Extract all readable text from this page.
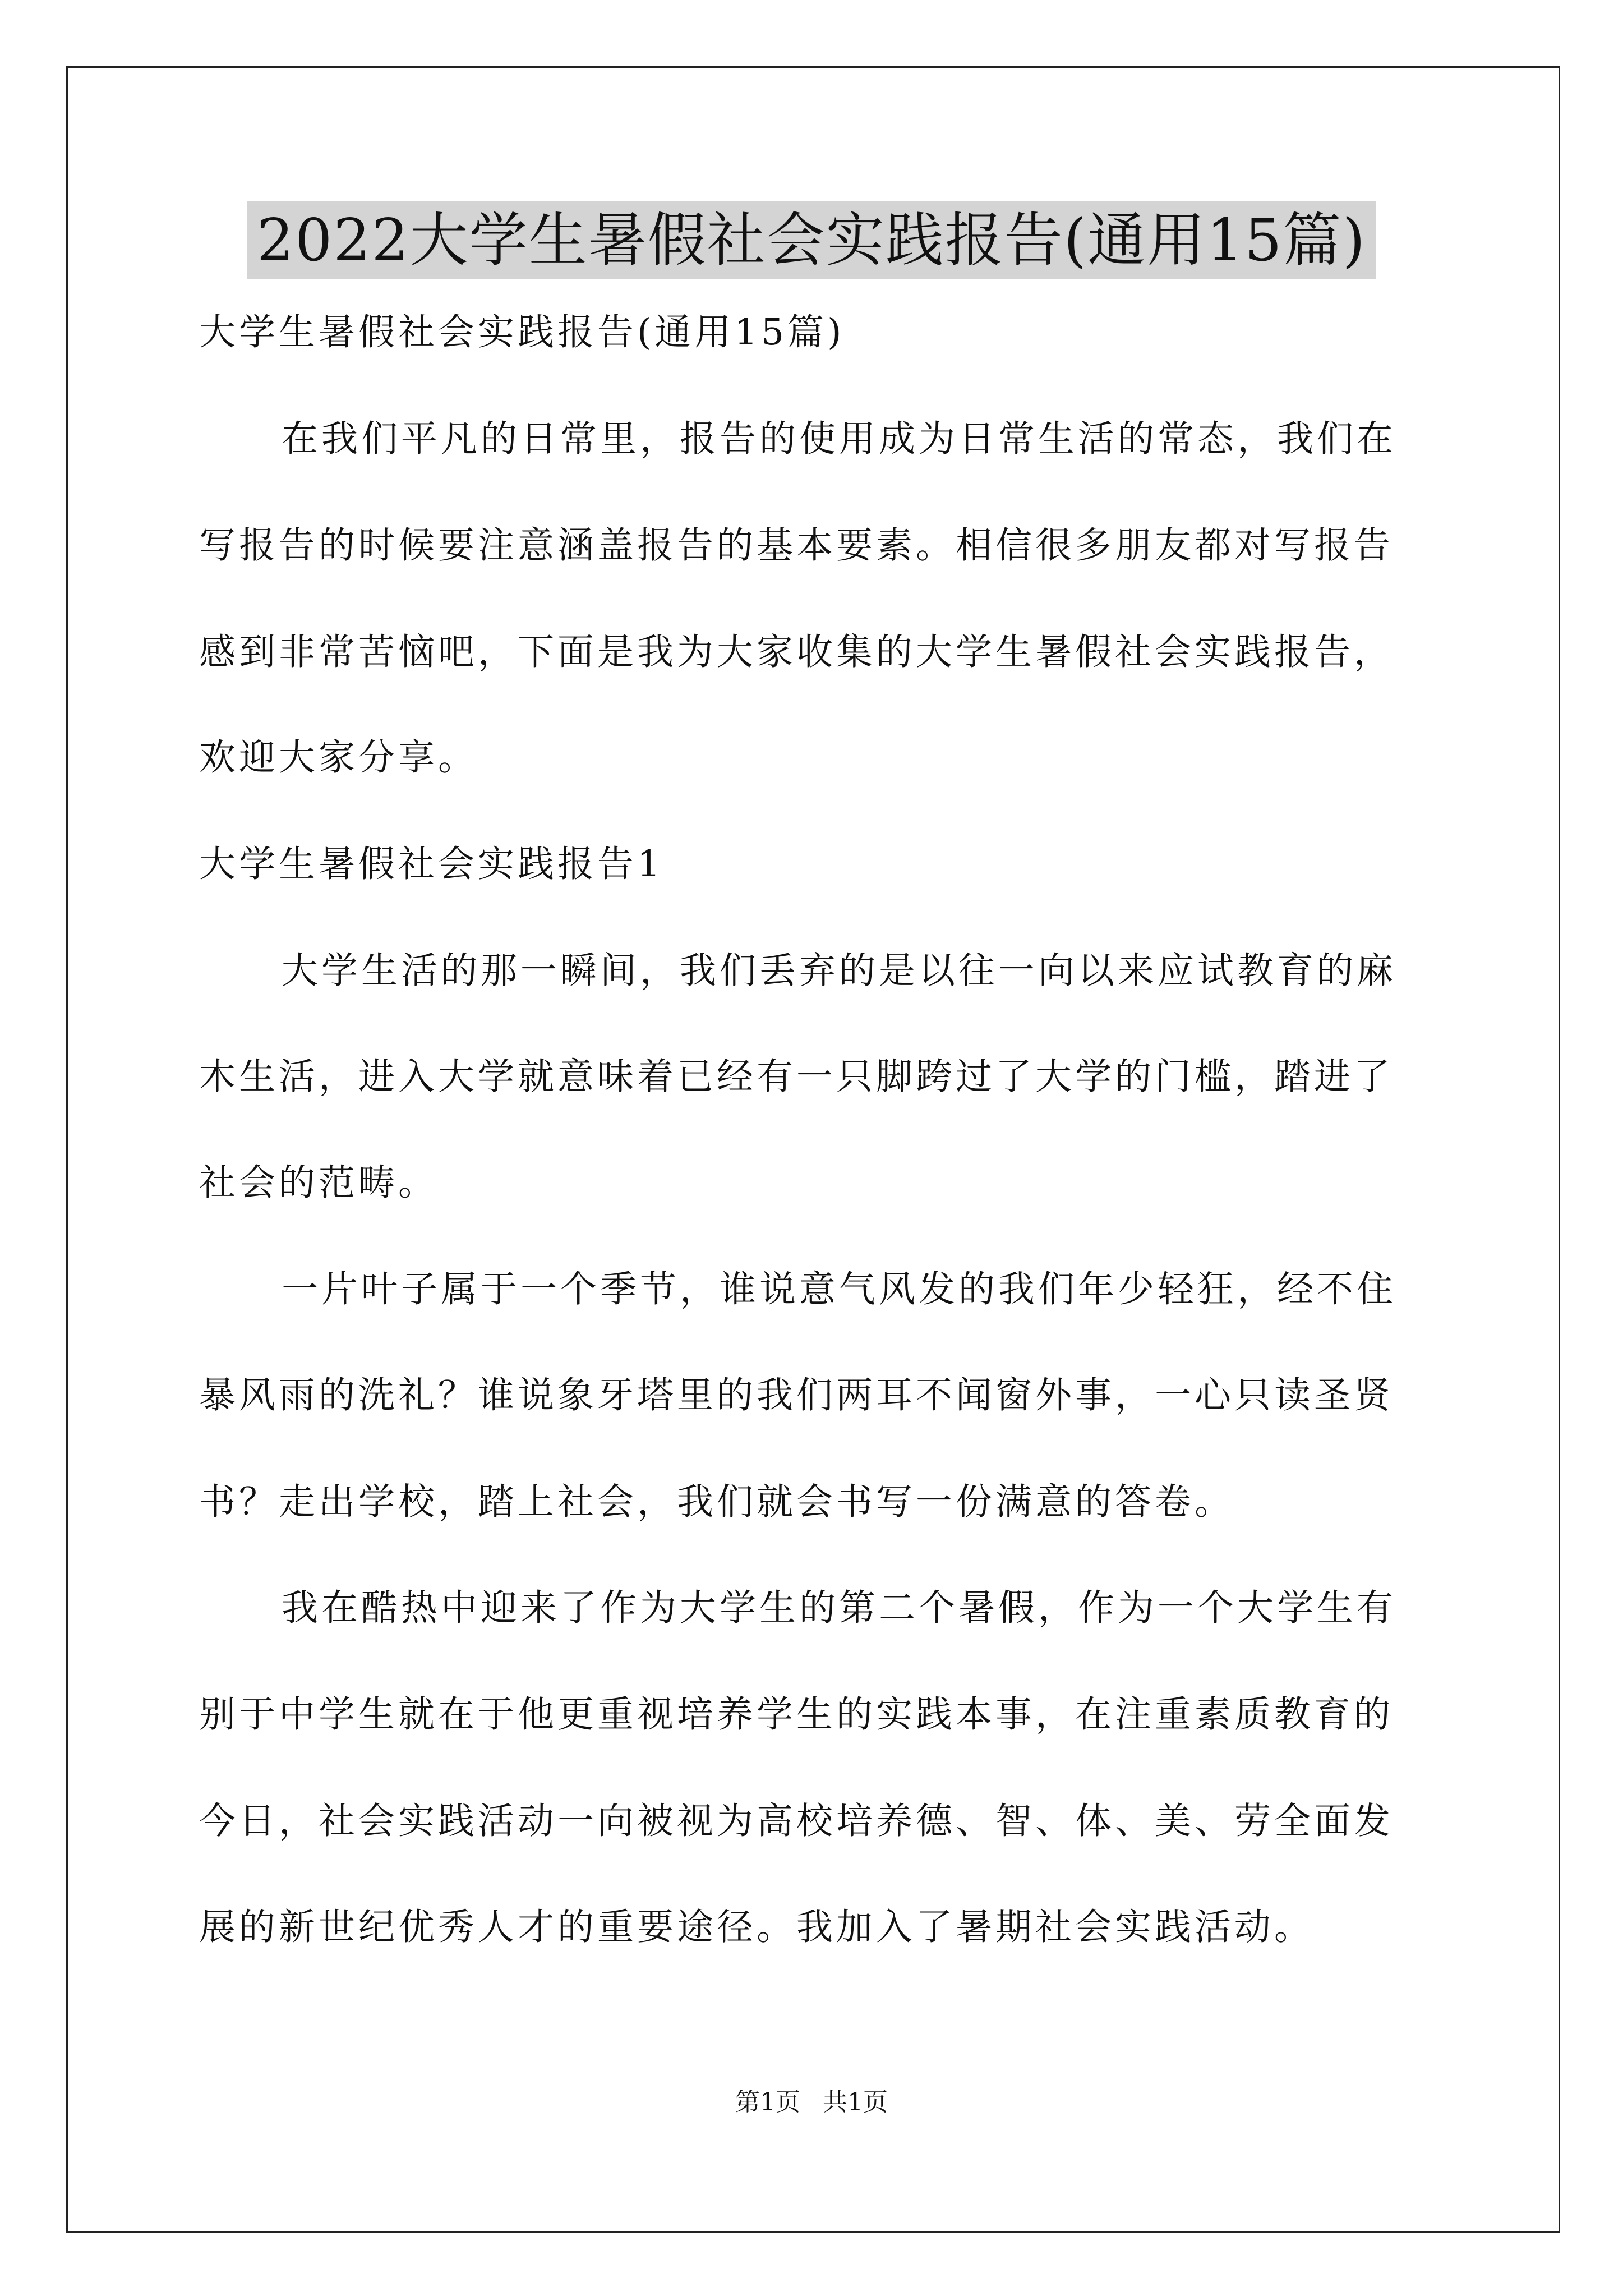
2022大学生暑假社会实践报告(通用15篇)

大学生暑假社会实践报告(通用15篇)

在我们平凡的日常里，报告的使用成为日常生活的常态，我们在

写报告的时候要注意涵盖报告的基本要素。相信很多朋友都对写报告

感到非常苦恼吧，下面是我为大家收集的大学生暑假社会实践报告，

欢迎大家分享。

大学生暑假社会实践报告1

大学生活的那一瞬间，我们丢弃的是以往一向以来应试教育的麻

木生活，进入大学就意味着已经有一只脚跨过了大学的门槛，踏进了

社会的范畴。

一片叶子属于一个季节，谁说意气风发的我们年少轻狂，经不住

暴风雨的洗礼？谁说象牙塔里的我们两耳不闻窗外事，一心只读圣贤

书？走出学校，踏上社会，我们就会书写一份满意的答卷。

我在酷热中迎来了作为大学生的第二个暑假，作为一个大学生有

别于中学生就在于他更重视培养学生的实践本事，在注重素质教育的

今日，社会实践活动一向被视为高校培养德、智、体、美、劳全面发

展的新世纪优秀人才的重要途径。我加入了暑期社会实践活动。

第1页 共1页
